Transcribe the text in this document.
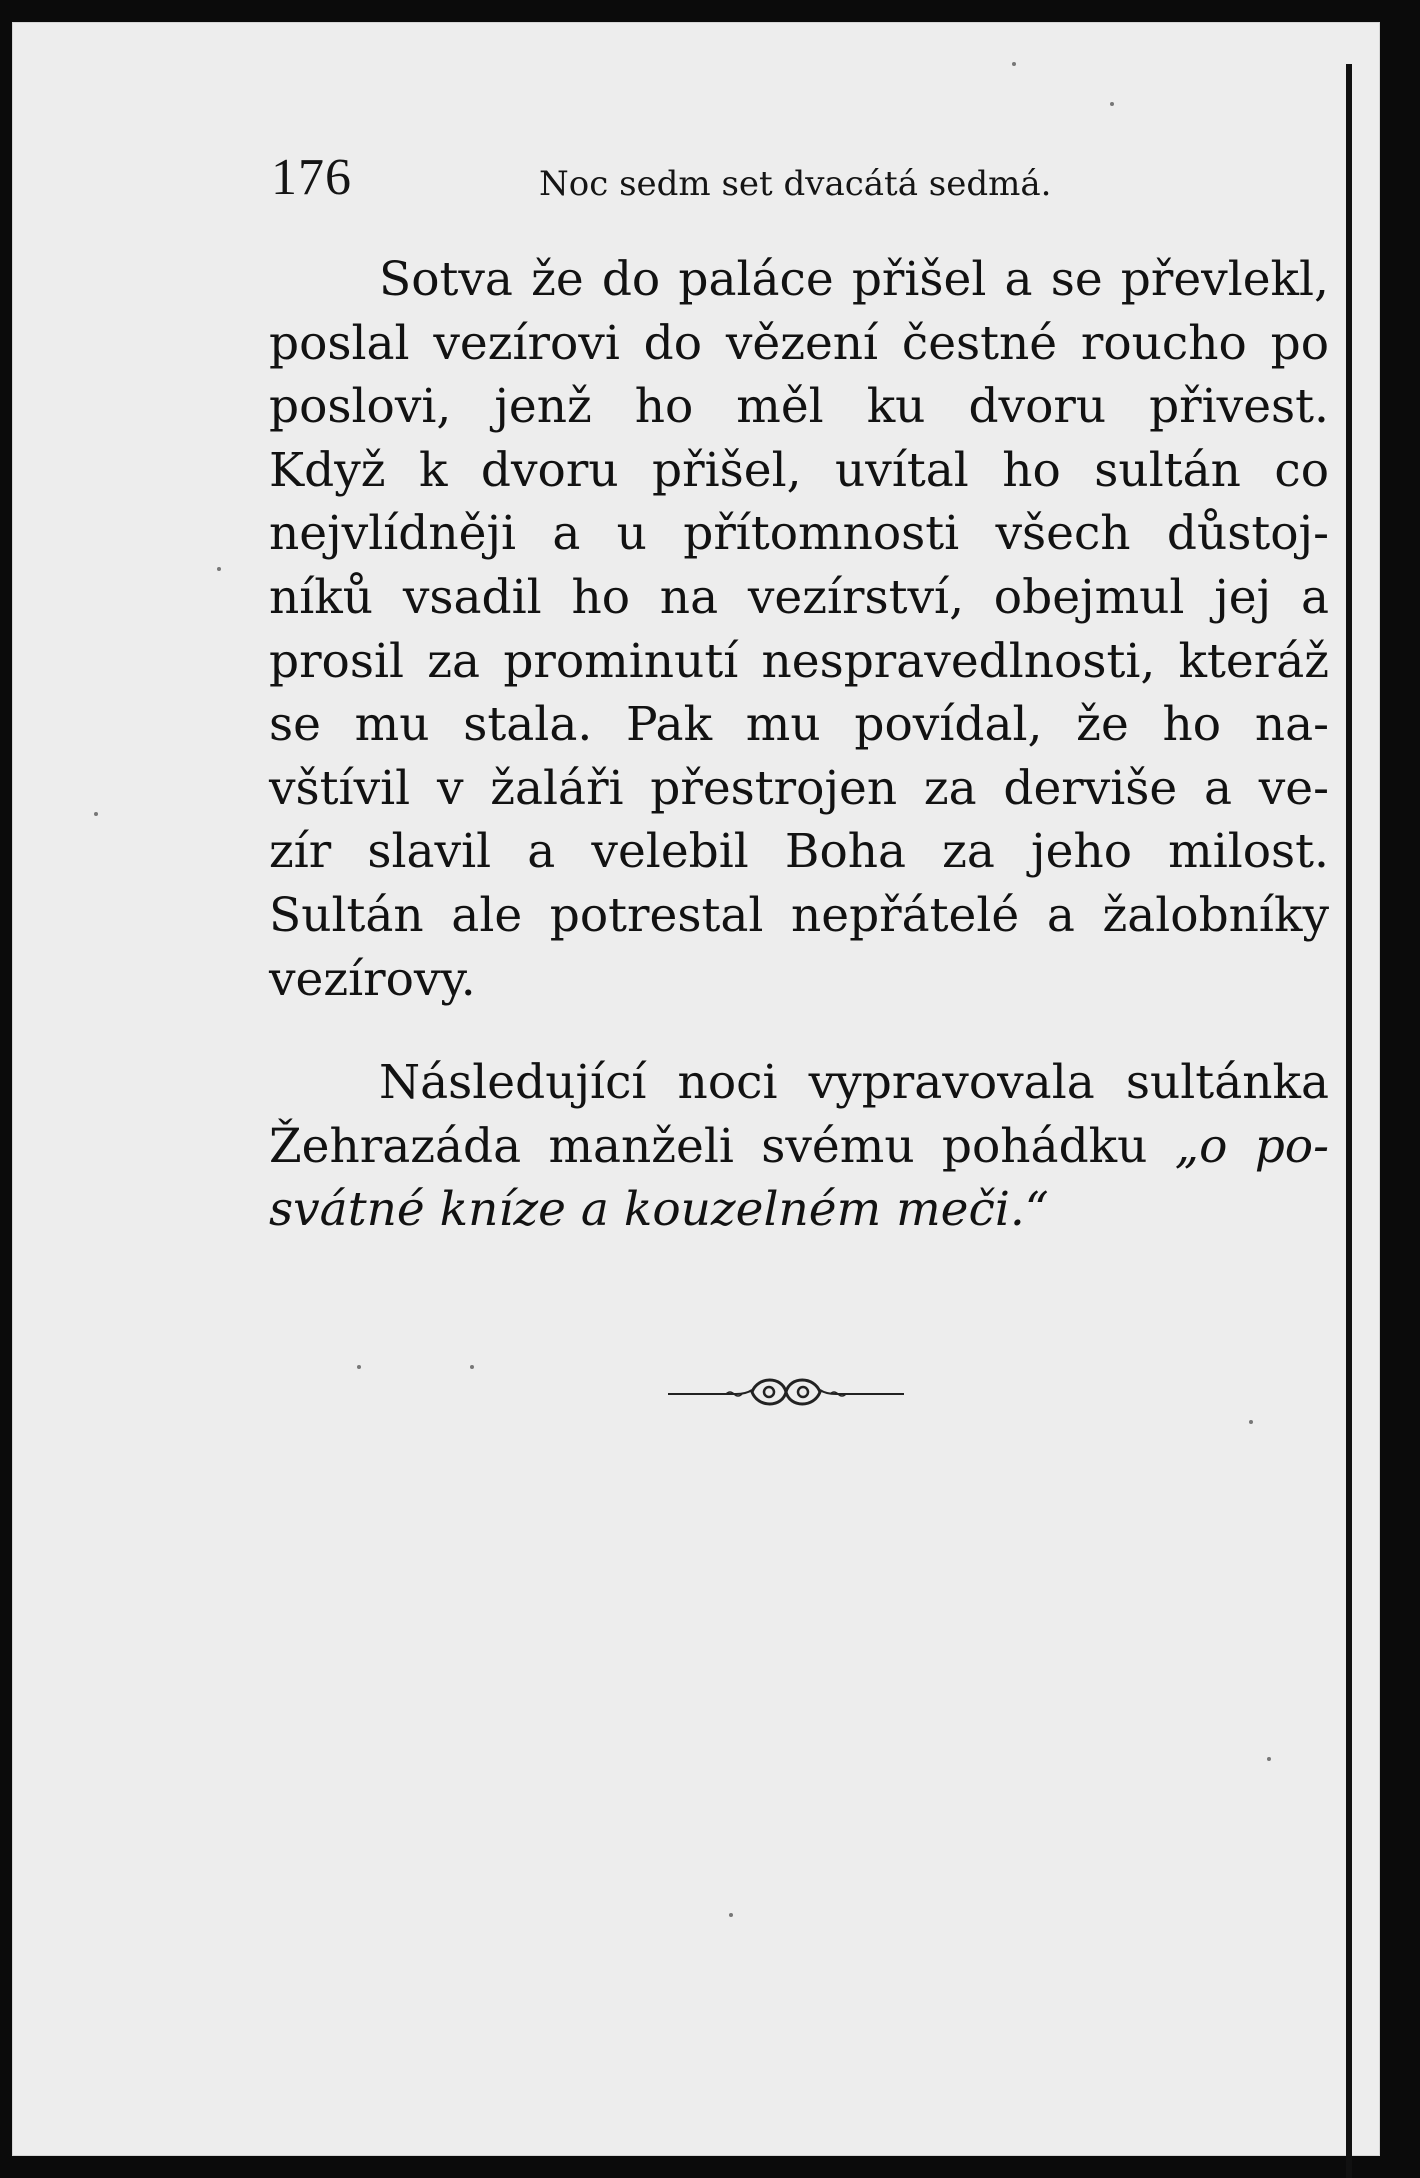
176	Noc sedm set dvacátá sedmá.

Sotva že do paláce přišel a se převlekl,
poslal vezírovi do vězení čestné roucho po
poslovi, jenž ho měl ku dvoru přivest.
Když k dvoru přišel, uvítal ho sultán co
nejvlídněji a u přítomnosti všech důstoj-
níků vsadil ho na vezírství, obejmul jej a
prosil za prominutí nespravedlnosti, kteráž
se mu stala. Pak mu povídal, že ho na-
vštívil v žaláři přestrojen za derviše a ve-
zír slavil a velebil Boha za jeho milost.
Sultán ale potrestal nepřátelé a žalobníky
vezírovy.

Následující noci vypravovala sultánka
Žehrazáda manželi svému pohádku „o po-
svátné kníze a kouzelném meči.“
